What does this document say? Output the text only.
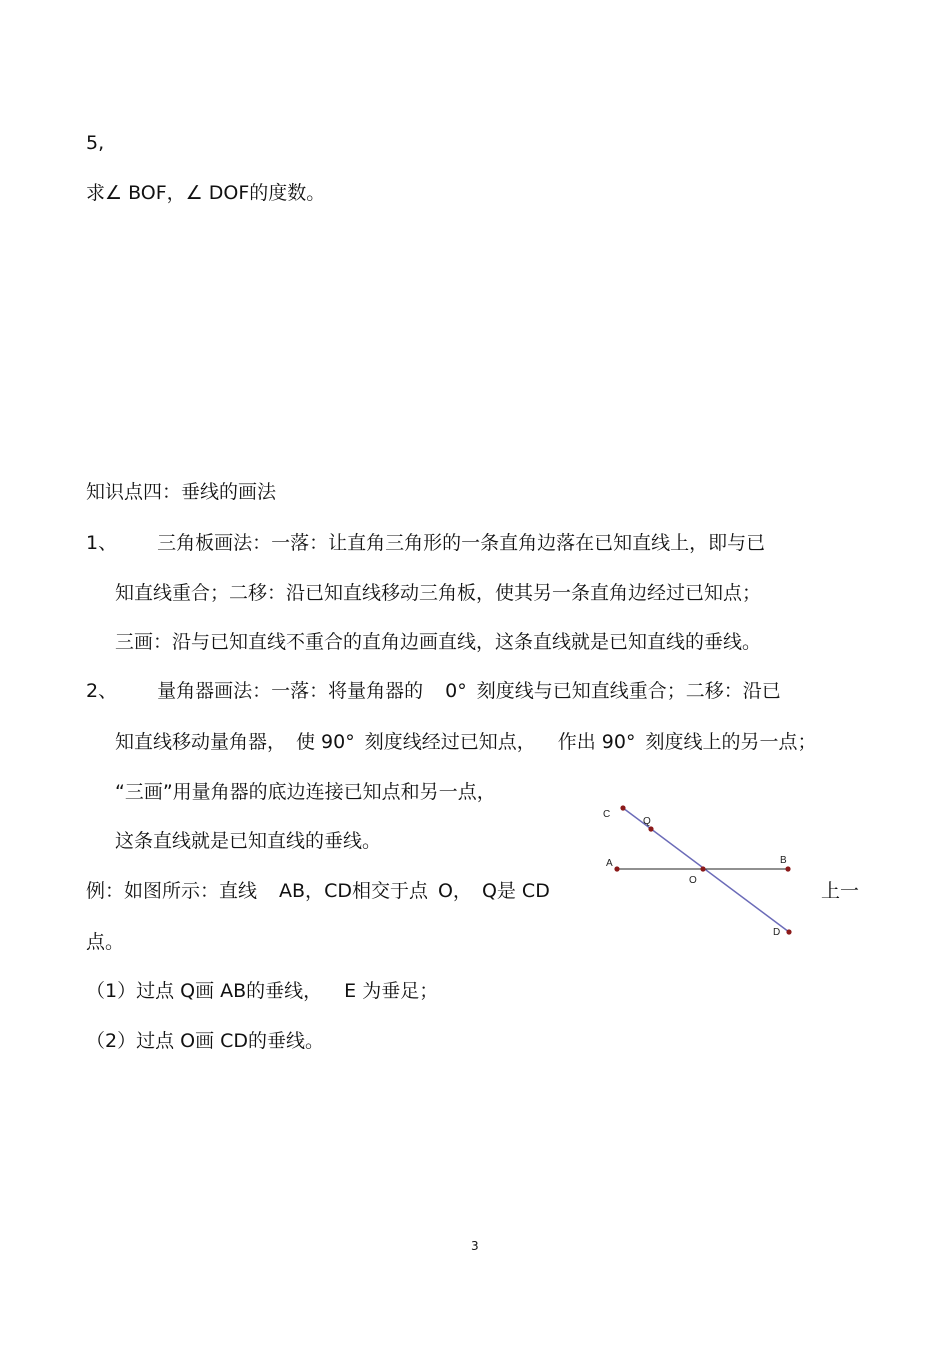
5,
求∠ BOF，∠ DOF的度数。
知识点四：垂线的画法
1、 三角板画法：一落：让直角三角形的一条直角边落在已知直线上，即与已
知直线重合；二移：沿已知直线移动三角板，使其另一条直角边经过已知点；
三画：沿与已知直线不重合的直角边画直线，这条直线就是已知直线的垂线。
2、 量角器画法：一落：将量角器的 0° 刻度线与已知直线重合；二移：沿已
知直线移动量角器， 使 90° 刻度线经过已知点， 作出 90° 刻度线上的另一点；
“三画”用量角器的底边连接已知点和另一点，
这条直线就是已知直线的垂线。
例：如图所示：直线 AB，CD相交于点 O， Q是 CD	上一
点。
（1）过点 Q画 AB的垂线， E 为垂足；
（2）过点 O画 CD的垂线。
C
Q
A	B
O
D
3
